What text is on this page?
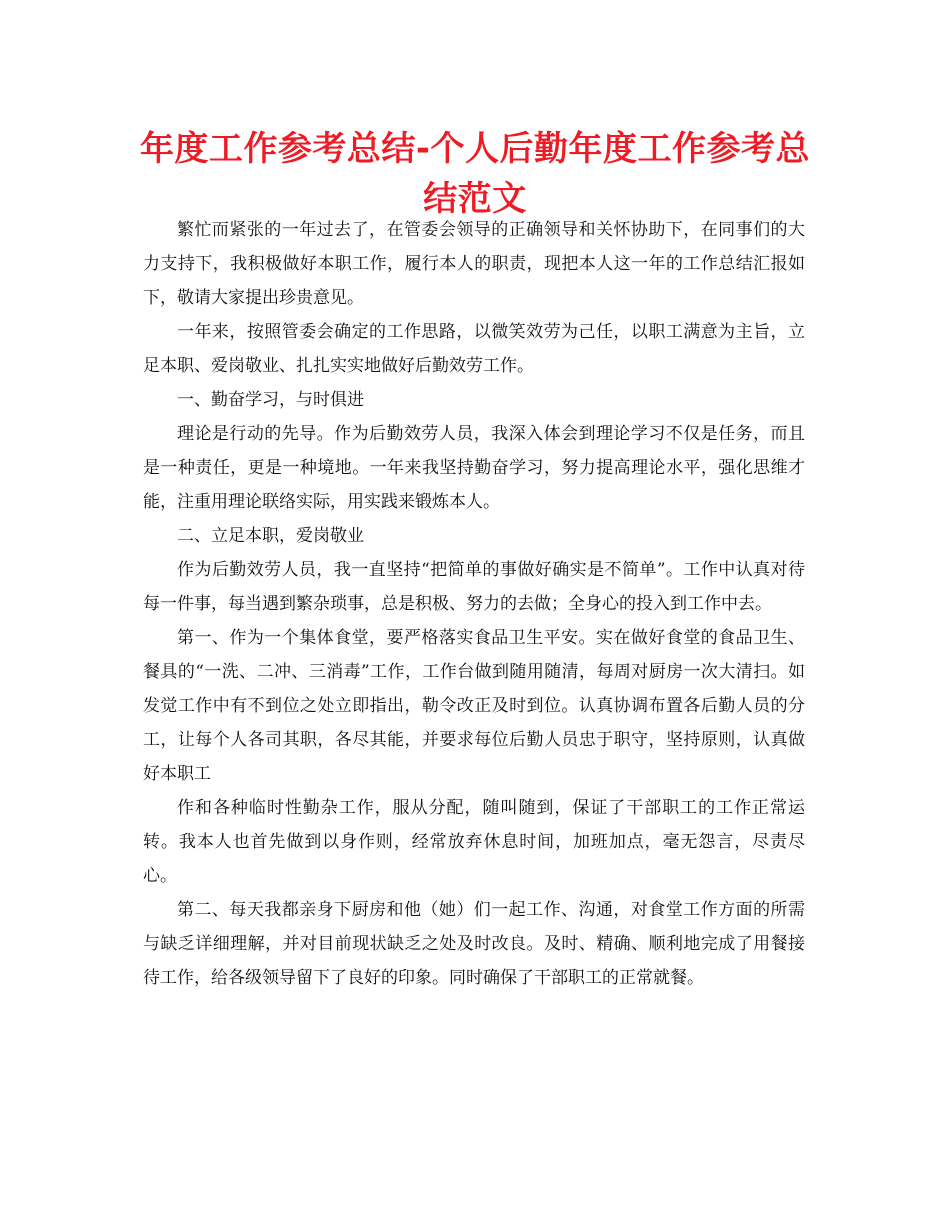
年度工作参考总结-个人后勤年度工作参考总结范文

繁忙而紧张的一年过去了，在管委会领导的正确领导和关怀协助下，在同事们的大力支持下，我积极做好本职工作，履行本人的职责，现把本人这一年的工作总结汇报如下，敬请大家提出珍贵意见。

一年来，按照管委会确定的工作思路，以微笑效劳为己任，以职工满意为主旨，立足本职、爱岗敬业、扎扎实实地做好后勤效劳工作。

一、勤奋学习，与时俱进

理论是行动的先导。作为后勤效劳人员，我深入体会到理论学习不仅是任务，而且是一种责任，更是一种境地。一年来我坚持勤奋学习，努力提高理论水平，强化思维才能，注重用理论联络实际，用实践来锻炼本人。

二、立足本职，爱岗敬业

作为后勤效劳人员，我一直坚持“把简单的事做好确实是不简单”。工作中认真对待每一件事，每当遇到繁杂琐事，总是积极、努力的去做；全身心的投入到工作中去。

第一、作为一个集体食堂，要严格落实食品卫生平安。实在做好食堂的食品卫生、餐具的“一洗、二冲、三消毒”工作，工作台做到随用随清，每周对厨房一次大清扫。如发觉工作中有不到位之处立即指出，勒令改正及时到位。认真协调布置各后勤人员的分工，让每个人各司其职，各尽其能，并要求每位后勤人员忠于职守，坚持原则，认真做好本职工

作和各种临时性勤杂工作，服从分配，随叫随到，保证了干部职工的工作正常运转。我本人也首先做到以身作则，经常放弃休息时间，加班加点，毫无怨言，尽责尽心。

第二、每天我都亲身下厨房和他（她）们一起工作、沟通，对食堂工作方面的所需与缺乏详细理解，并对目前现状缺乏之处及时改良。及时、精确、顺利地完成了用餐接待工作，给各级领导留下了良好的印象。同时确保了干部职工的正常就餐。
